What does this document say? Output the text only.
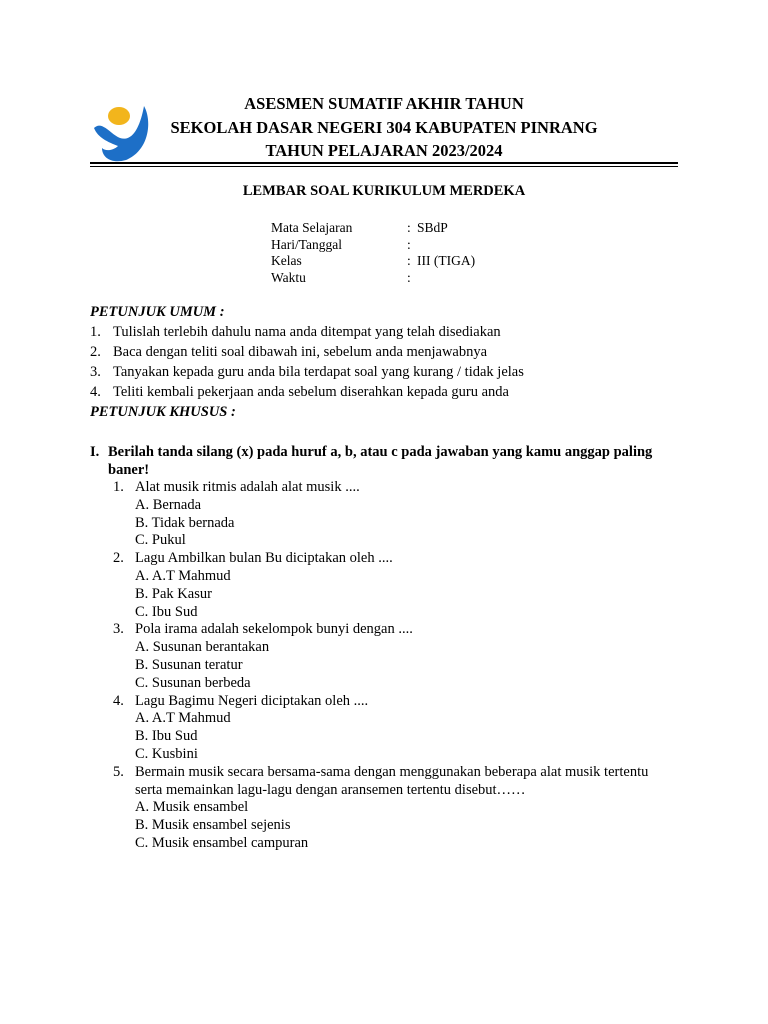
ASESMEN SUMATIF AKHIR TAHUN
SEKOLAH DASAR NEGERI 304 KABUPATEN PINRANG
TAHUN PELAJARAN 2023/2024
LEMBAR SOAL KURIKULUM MERDEKA
Mata Selajaran	: SBdP
Hari/Tanggal	:
Kelas	: III (TIGA)
Waktu	:
PETUNJUK UMUM :
1. Tulislah terlebih dahulu nama anda ditempat yang telah disediakan
2. Baca dengan teliti soal dibawah ini, sebelum anda menjawabnya
3. Tanyakan kepada guru anda bila terdapat soal yang kurang / tidak jelas
4. Teliti kembali pekerjaan anda sebelum diserahkan kepada guru anda
PETUNJUK KHUSUS :
I. Berilah tanda silang (x) pada huruf a, b, atau c pada jawaban yang kamu anggap paling baner!
1. Alat musik ritmis adalah alat musik ....
A. Bernada
B. Tidak bernada
C. Pukul
2. Lagu Ambilkan bulan Bu diciptakan oleh ....
A. A.T Mahmud
B. Pak Kasur
C. Ibu Sud
3. Pola irama adalah sekelompok bunyi dengan ....
A. Susunan berantakan
B. Susunan teratur
C. Susunan berbeda
4. Lagu Bagimu Negeri diciptakan oleh ....
A. A.T Mahmud
B. Ibu Sud
C. Kusbini
5. Bermain musik secara bersama-sama dengan menggunakan beberapa alat musik tertentu serta memainkan lagu-lagu dengan aransemen tertentu disebut……
A. Musik ensambel
B. Musik ensambel sejenis
C. Musik ensambel campuran
